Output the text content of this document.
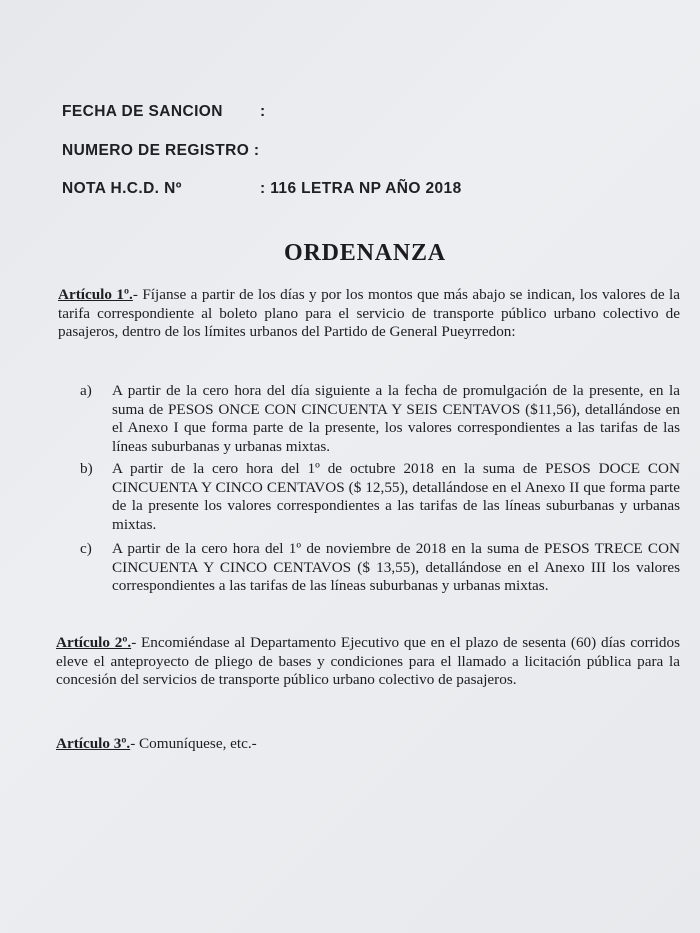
FECHA DE SANCION :
NUMERO DE REGISTRO :
NOTA H.C.D. Nº	: 116 LETRA NP AÑO 2018
ORDENANZA
Artículo 1º.- Fíjanse a partir de los días y por los montos que más abajo se indican, los valores de la tarifa correspondiente al boleto plano para el servicio de transporte público urbano colectivo de pasajeros, dentro de los límites urbanos del Partido de General Pueyrredon:
a) A partir de la cero hora del día siguiente a la fecha de promulgación de la presente, en la suma de PESOS ONCE CON CINCUENTA Y SEIS CENTAVOS ($11,56), detallándose en el Anexo I que forma parte de la presente, los valores correspondientes a las tarifas de las líneas suburbanas y urbanas mixtas.
b) A partir de la cero hora del 1º de octubre 2018 en la suma de PESOS DOCE CON CINCUENTA Y CINCO CENTAVOS ($ 12,55), detallándose en el Anexo II que forma parte de la presente los valores correspondientes a las tarifas de las líneas suburbanas y urbanas mixtas.
c) A partir de la cero hora del 1º de noviembre de 2018 en la suma de PESOS TRECE CON CINCUENTA Y CINCO CENTAVOS ($ 13,55), detallándose en el Anexo III los valores correspondientes a las tarifas de las líneas suburbanas y urbanas mixtas.
Artículo 2º.- Encomiéndase al Departamento Ejecutivo que en el plazo de sesenta (60) días corridos eleve el anteproyecto de pliego de bases y condiciones para el llamado a licitación pública para la concesión del servicios de transporte público urbano colectivo de pasajeros.
Artículo 3º.- Comuníquese, etc.-
